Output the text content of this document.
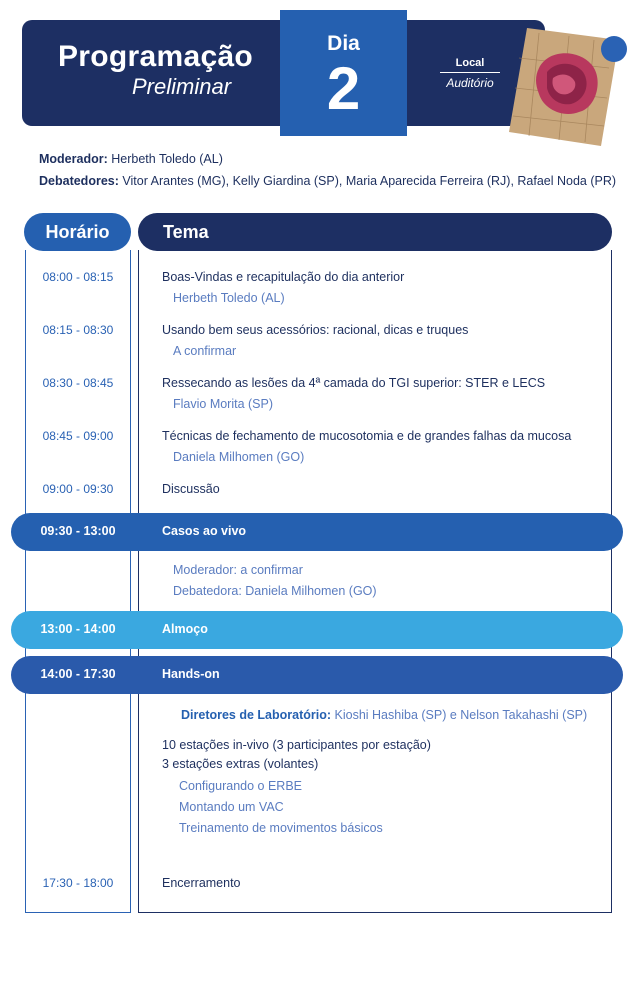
Programação
Preliminar
Dia
2	Local
Auditório
Moderador: Herbeth Toledo (AL)
Debatedores: Vitor Arantes (MG), Kelly Giardina (SP), Maria Aparecida Ferreira (RJ), Rafael Noda (PR)
Horário	Tema
08:00 - 08:15	Boas-Vindas e recapitulação do dia anterior
Herbeth Toledo (AL)
08:15 - 08:30	Usando bem seus acessórios: racional, dicas e truques
A confirmar
08:30 - 08:45	Ressecando as lesões da 4ª camada do TGI superior: STER e LECS
Flavio Morita (SP)
08:45 - 09:00	Técnicas de fechamento de mucosotomia e de grandes falhas da mucosa
Daniela Milhomen (GO)
09:00 - 09:30	Discussão
09:30 - 13:00	Casos ao vivo
Moderador: a confirmar
Debatedora: Daniela Milhomen (GO)
13:00 - 14:00	Almoço
14:00 - 17:30	Hands-on
Diretores de Laboratório: Kioshi Hashiba (SP) e Nelson Takahashi (SP)
10 estações in-vivo (3 participantes por estação)
3 estações extras (volantes)
Configurando o ERBE
Montando um VAC
Treinamento de movimentos básicos
17:30 - 18:00	Encerramento
